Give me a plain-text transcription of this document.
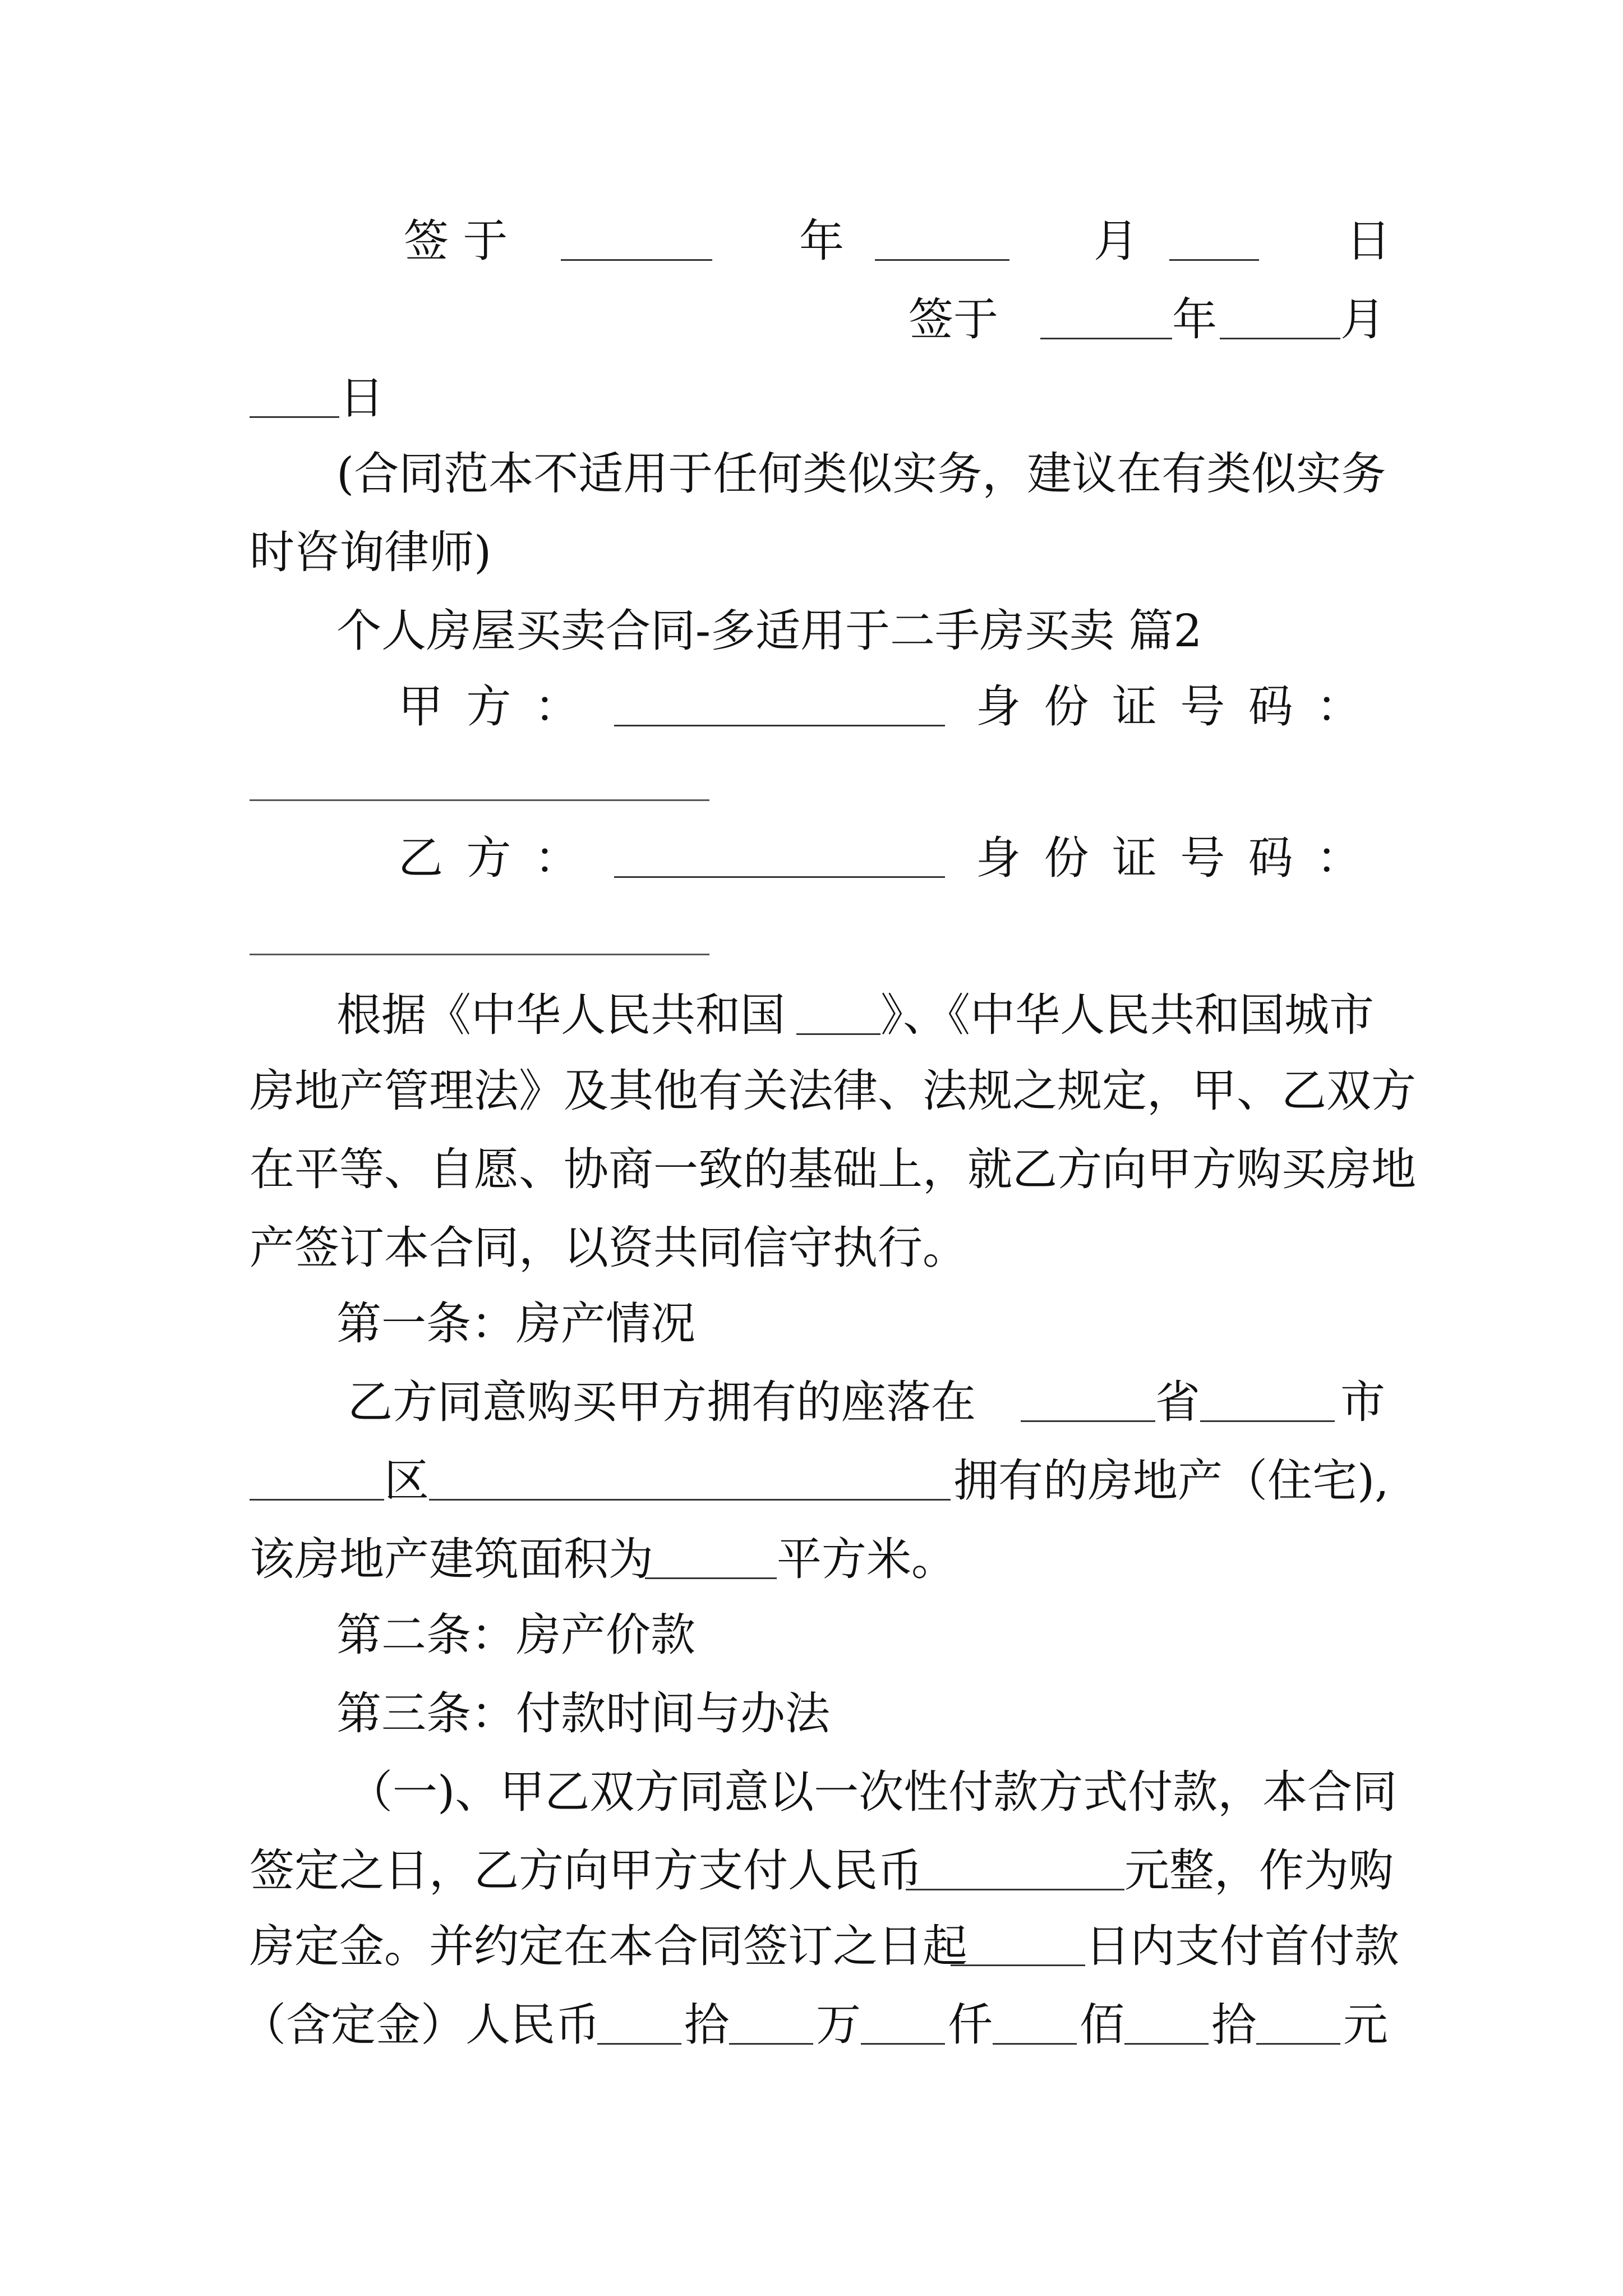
签 于	年	月	日
签于	年	月
日
(合同范本不适用于任何类似实务，建议在有类似实务
时咨询律师)
个人房屋买卖合同-多适用于二手房买卖 篇2
甲 方 ：	身 份 证 号 码 ：
乙 方 ：	身 份 证 号 码 ：
根据《中华人民共和国 》、《中华人民共和国城市
房地产管理法》及其他有关法律、法规之规定，甲、乙双方
在平等、自愿、协商一致的基础上，就乙方向甲方购买房地
产签订本合同，以资共同信守执行。
第一条：房产情况
乙方同意购买甲方拥有的座落在	省	市
区	拥有的房地产（住宅),
该房地产建筑面积为	平方米。
第二条：房产价款
第三条：付款时间与办法
（一)、甲乙双方同意以一次性付款方式付款，本合同
签定之日，乙方向甲方支付人民币	元整，作为购
房定金。并约定在本合同签订之日起	日内支付首付款
（含定金）人民币 拾 万 仟 佰 拾 元
